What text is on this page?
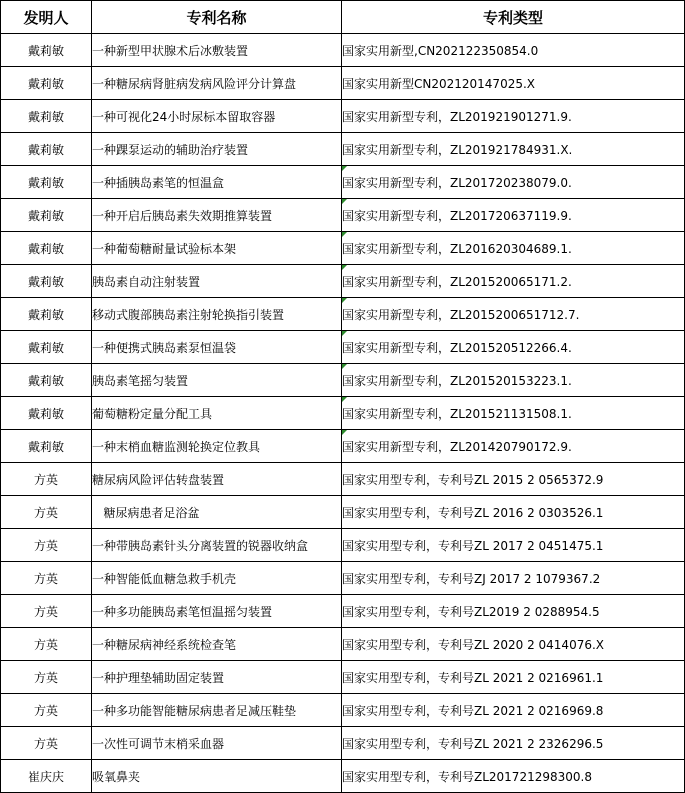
发明人	专利名称	专利类型
戴莉敏	一种新型甲状腺术后冰敷装置	国家实用新型,CN202122350854.0
戴莉敏	一种糖尿病肾脏病发病风险评分计算盘	国家实用新型CN202120147025.X
戴莉敏	一种可视化24小时尿标本留取容器	国家实用新型专利，ZL201921901271.9.
戴莉敏	一种踝泵运动的辅助治疗装置	国家实用新型专利，ZL201921784931.X.
戴莉敏	一种插胰岛素笔的恒温盒	国家实用新型专利，ZL201720238079.0.
戴莉敏	一种开启后胰岛素失效期推算装置	国家实用新型专利，ZL201720637119.9.
戴莉敏	一种葡萄糖耐量试验标本架	国家实用新型专利，ZL201620304689.1.
戴莉敏	胰岛素自动注射装置	国家实用新型专利，ZL201520065171.2.
戴莉敏	移动式腹部胰岛素注射轮换指引装置	国家实用新型专利，ZL2015200651712.7.
戴莉敏	一种便携式胰岛素泵恒温袋	国家实用新型专利，ZL201520512266.4.
戴莉敏	胰岛素笔摇匀装置	国家实用新型专利，ZL201520153223.1.
戴莉敏	葡萄糖粉定量分配工具	国家实用新型专利，ZL201521131508.1.
戴莉敏	一种末梢血糖监测轮换定位教具	国家实用新型专利，ZL201420790172.9.
方英	糖尿病风险评估转盘装置	国家实用型专利，专利号ZL 2015 2 0565372.9
方英	糖尿病患者足浴盆	国家实用型专利，专利号ZL 2016 2 0303526.1
方英	一种带胰岛素针头分离装置的锐器收纳盒	国家实用型专利，专利号ZL 2017 2 0451475.1
方英	一种智能低血糖急救手机壳	国家实用型专利，专利号ZJ 2017 2 1079367.2
方英	一种多功能胰岛素笔恒温摇匀装置	国家实用型专利，专利号ZL2019 2 0288954.5
方英	一种糖尿病神经系统检查笔	国家实用型专利，专利号ZL 2020 2 0414076.X
方英	一种护理垫辅助固定装置	国家实用型专利，专利号ZL 2021 2 0216961.1
方英	一种多功能智能糖尿病患者足减压鞋垫	国家实用型专利，专利号ZL 2021 2 0216969.8
方英	一次性可调节末梢采血器	国家实用型专利，专利号ZL 2021 2 2326296.5
崔庆庆	吸氧鼻夹	国家实用型专利，专利号ZL201721298300.8
